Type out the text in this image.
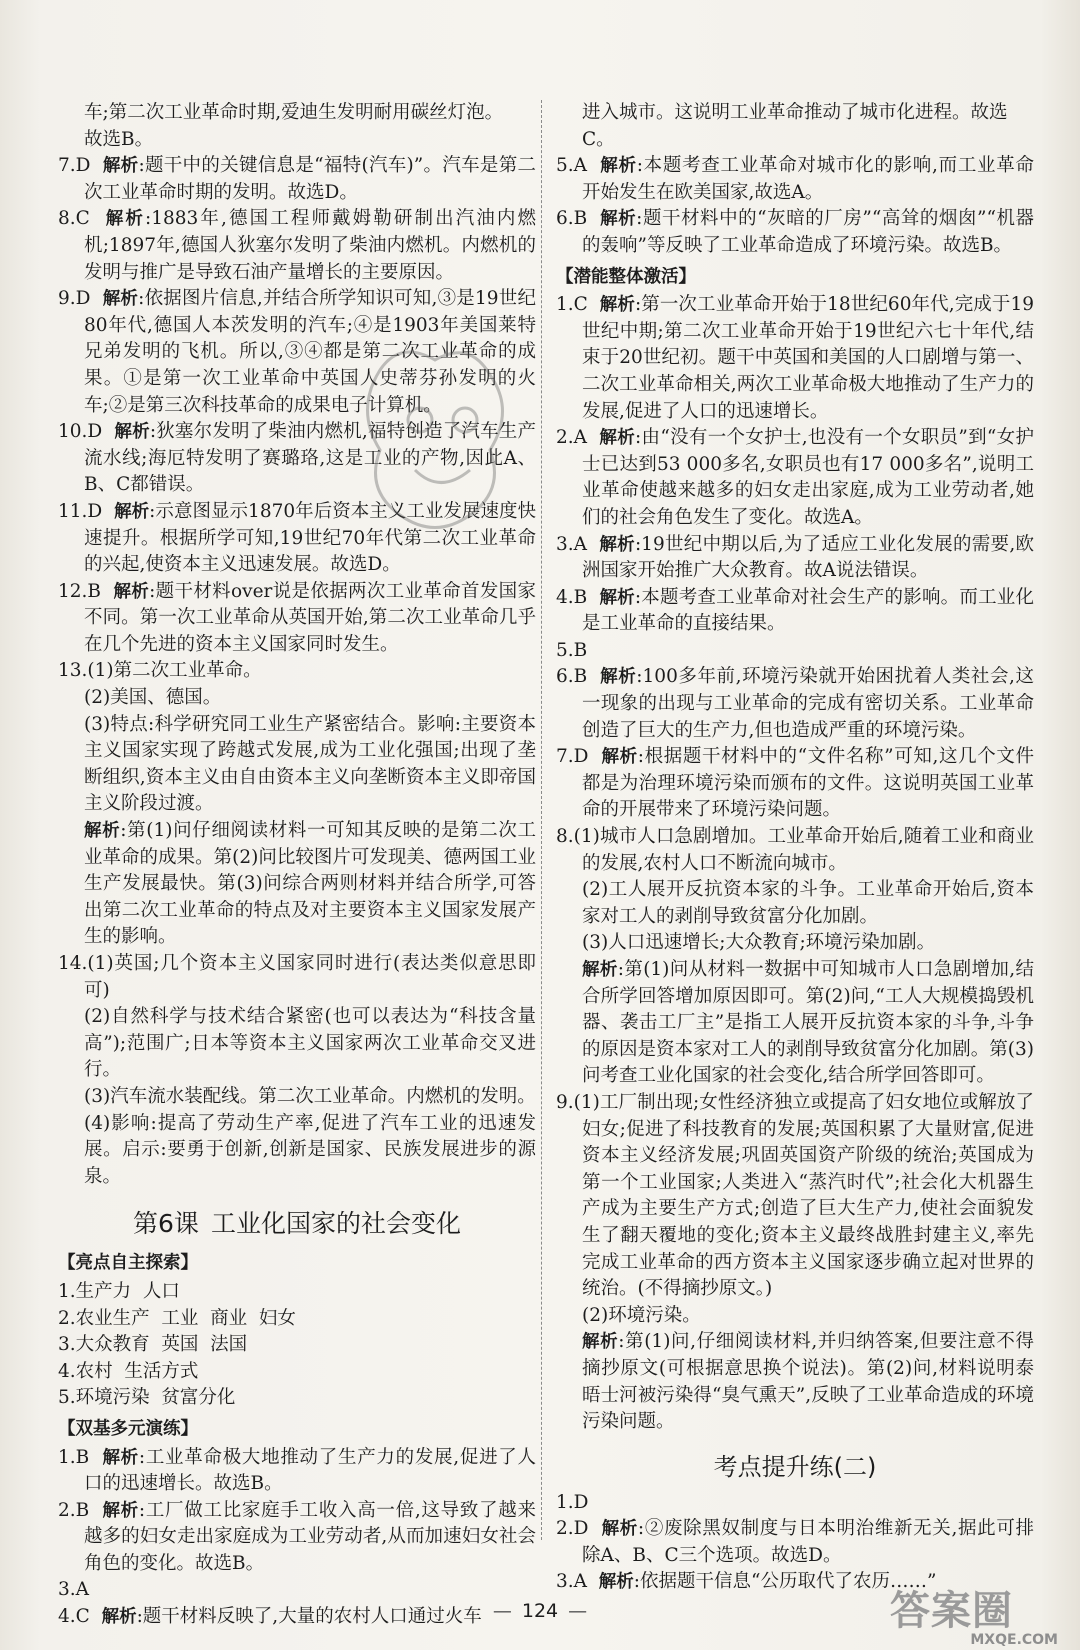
车;第二次工业革命时期,爱迪生发明耐用碳丝灯泡。

故选B。

7.D 解析:题干中的关键信息是“福特(汽车)”。汽车是第二次工业革命时期的发明。故选D。

8.C 解析:1883年,德国工程师戴姆勒研制出汽油内燃机;1897年,德国人狄塞尔发明了柴油内燃机。内燃机的发明与推广是导致石油产量增长的主要原因。

9.D 解析:依据图片信息,并结合所学知识可知,③是19世纪80年代,德国人本茨发明的汽车;④是1903年美国莱特兄弟发明的飞机。所以,③④都是第二次工业革命的成果。①是第一次工业革命中英国人史蒂芬孙发明的火车;②是第三次科技革命的成果电子计算机。

10.D 解析:狄塞尔发明了柴油内燃机,福特创造了汽车生产流水线;海厄特发明了赛璐珞,这是工业的产物,因此A、B、C都错误。

11.D 解析:示意图显示1870年后资本主义工业发展速度快速提升。根据所学可知,19世纪70年代第二次工业革命的兴起,使资本主义迅速发展。故选D。

12.B 解析:题干材料over说是依据两次工业革命首发国家不同。第一次工业革命从英国开始,第二次工业革命几乎在几个先进的资本主义国家同时发生。

13.(1)第二次工业革命。

(2)美国、德国。

(3)特点:科学研究同工业生产紧密结合。影响:主要资本主义国家实现了跨越式发展,成为工业化强国;出现了垄断组织,资本主义由自由资本主义向垄断资本主义即帝国主义阶段过渡。

解析:第(1)问仔细阅读材料一可知其反映的是第二次工业革命的成果。第(2)问比较图片可发现美、德两国工业生产发展最快。第(3)问综合两则材料并结合所学,可答出第二次工业革命的特点及对主要资本主义国家发展产生的影响。

14.(1)英国;几个资本主义国家同时进行(表达类似意思即可)

(2)自然科学与技术结合紧密(也可以表达为“科技含量高”);范围广;日本等资本主义国家两次工业革命交叉进行。

(3)汽车流水装配线。第二次工业革命。内燃机的发明。

(4)影响:提高了劳动生产率,促进了汽车工业的迅速发展。启示:要勇于创新,创新是国家、民族发展进步的源泉。

第6课 工业化国家的社会变化

【亮点自主探索】

1.生产力  人口

2.农业生产  工业  商业  妇女

3.大众教育  英国  法国

4.农村  生活方式

5.环境污染  贫富分化

【双基多元演练】

1.B 解析:工业革命极大地推动了生产力的发展,促进了人口的迅速增长。故选B。

2.B 解析:工厂做工比家庭手工收入高一倍,这导致了越来越多的妇女走出家庭成为工业劳动者,从而加速妇女社会角色的变化。故选B。

3.A

4.C 解析:题干材料反映了,大量的农村人口通过火车

进入城市。这说明工业革命推动了城市化进程。故选

C。

5.A 解析:本题考查工业革命对城市化的影响,而工业革命开始发生在欧美国家,故选A。

6.B 解析:题干材料中的“灰暗的厂房”“高耸的烟囱”“机器的轰响”等反映了工业革命造成了环境污染。故选B。

【潜能整体激活】

1.C 解析:第一次工业革命开始于18世纪60年代,完成于19世纪中期;第二次工业革命开始于19世纪六七十年代,结束于20世纪初。题干中英国和美国的人口剧增与第一、二次工业革命相关,两次工业革命极大地推动了生产力的发展,促进了人口的迅速增长。

2.A 解析:由“没有一个女护士,也没有一个女职员”到“女护士已达到53 000多名,女职员也有17 000多名”,说明工业革命使越来越多的妇女走出家庭,成为工业劳动者,她们的社会角色发生了变化。故选A。

3.A 解析:19世纪中期以后,为了适应工业化发展的需要,欧洲国家开始推广大众教育。故A说法错误。

4.B 解析:本题考查工业革命对社会生产的影响。而工业化是工业革命的直接结果。

5.B

6.B 解析:100多年前,环境污染就开始困扰着人类社会,这一现象的出现与工业革命的完成有密切关系。工业革命创造了巨大的生产力,但也造成严重的环境污染。

7.D 解析:根据题干材料中的“文件名称”可知,这几个文件都是为治理环境污染而颁布的文件。这说明英国工业革命的开展带来了环境污染问题。

8.(1)城市人口急剧增加。工业革命开始后,随着工业和商业的发展,农村人口不断流向城市。

(2)工人展开反抗资本家的斗争。工业革命开始后,资本家对工人的剥削导致贫富分化加剧。

(3)人口迅速增长;大众教育;环境污染加剧。

解析:第(1)问从材料一数据中可知城市人口急剧增加,结合所学回答增加原因即可。第(2)问,“工人大规模捣毁机器、袭击工厂主”是指工人展开反抗资本家的斗争,斗争的原因是资本家对工人的剥削导致贫富分化加剧。第(3)问考查工业化国家的社会变化,结合所学回答即可。

9.(1)工厂制出现;女性经济独立或提高了妇女地位或解放了妇女;促进了科技教育的发展;英国积累了大量财富,促进资本主义经济发展;巩固英国资产阶级的统治;英国成为第一个工业国家;人类进入“蒸汽时代”;社会化大机器生产成为主要生产方式;创造了巨大生产力,使社会面貌发生了翻天覆地的变化;资本主义最终战胜封建主义,率先完成工业革命的西方资本主义国家逐步确立起对世界的统治。(不得摘抄原文。)

(2)环境污染。

解析:第(1)问,仔细阅读材料,并归纳答案,但要注意不得摘抄原文(可根据意思换个说法)。第(2)问,材料说明泰晤士河被污染得“臭气熏天”,反映了工业革命造成的环境污染问题。

考点提升练(二)

1.D

2.D 解析:②废除黑奴制度与日本明治维新无关,据此可排除A、B、C三个选项。故选D。

3.A 解析:依据题干信息“公历取代了农历……”

— 124 —	答案圈
MXQE.COM
